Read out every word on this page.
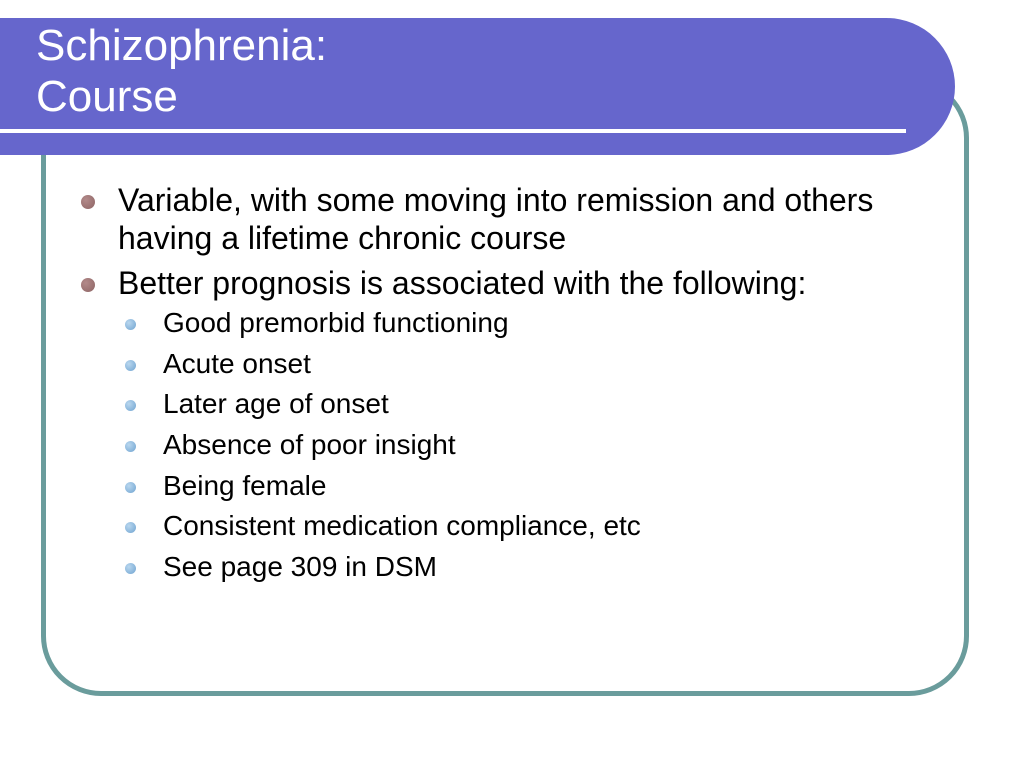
Schizophrenia:
Course
Variable, with some moving into remission and others having a lifetime chronic course
Better prognosis is associated with the following:
Good premorbid functioning
Acute onset
Later age of onset
Absence of poor insight
Being female
Consistent medication compliance, etc
See page 309 in DSM
